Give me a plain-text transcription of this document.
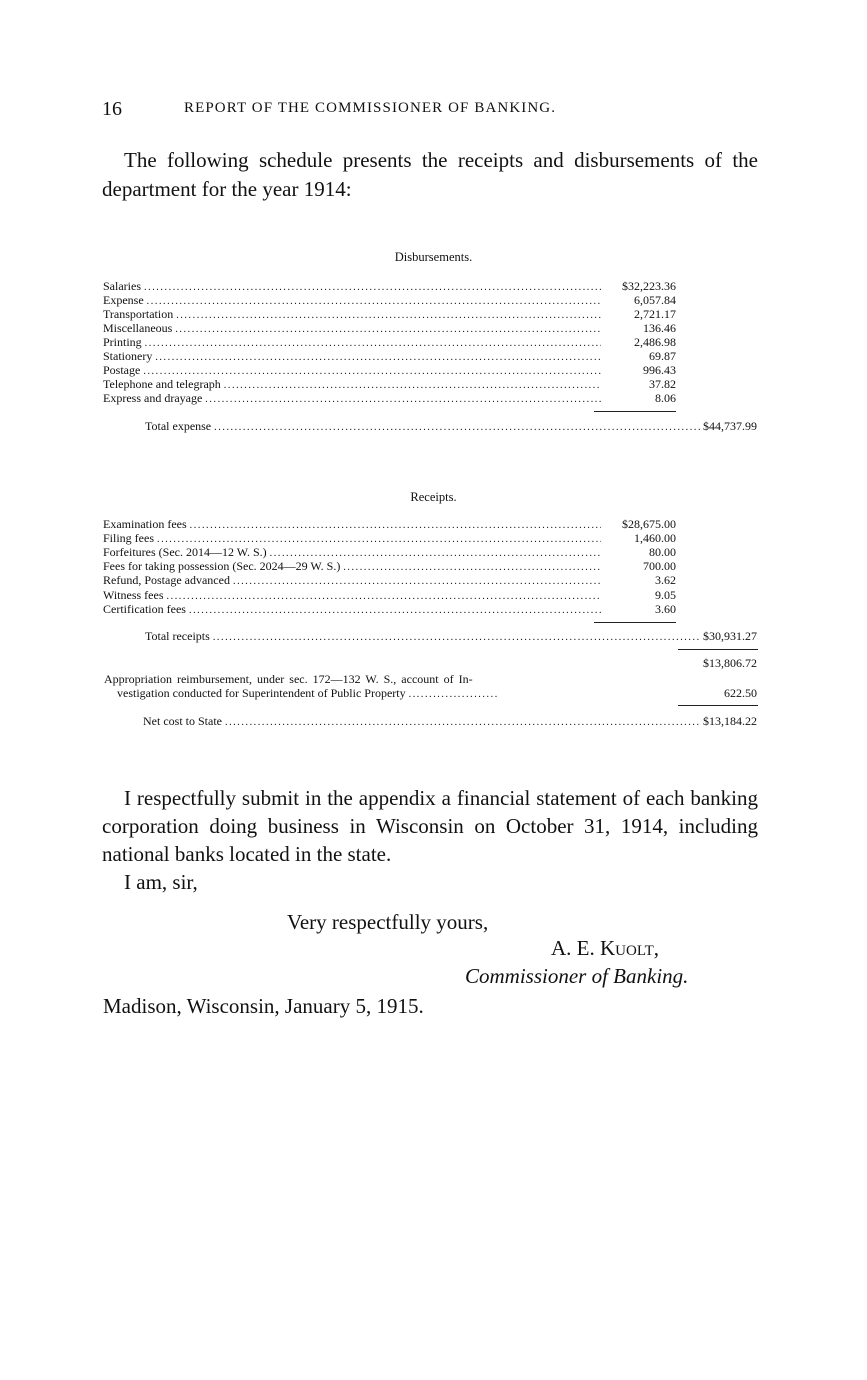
16	REPORT OF THE COMMISSIONER OF BANKING.

The following schedule presents the receipts and disbursements of the department for the year 1914:

Disbursements.
Salaries .....	$32,223.36
Expense .....	6,057.84
Transportation .....	2,721.17
Miscellaneous .....	136.46
Printing .....	2,486.98
Stationery .....	69.87
Postage .....	996.43
Telephone and telegraph .....	37.82
Express and drayage .....	8.06
Total expense .....	$44,737.99
Receipts.
Examination fees .....	$28,675.00
Filing fees .....	1,460.00
Forfeitures (Sec. 2014—12 W. S.) .....	80.00
Fees for taking possession (Sec. 2024—29 W. S.) .....	700.00
Refund, Postage advanced .....	3.62
Witness fees .....	9.05
Certification fees .....	3.60
Total receipts .....	$30,931.27
$13,806.72
Appropriation reimbursement, under sec. 172—132 W. S., account of In-
vestigation conducted for Superintendent of Public Property .....	622.50
Net cost to State .....	$13,184.22

I respectfully submit in the appendix a financial statement of each banking corporation doing business in Wisconsin on October 31, 1914, including national banks located in the state.

I am, sir,
Very respectfully yours,
A. E. Kuolt,
Commissioner of Banking.
Madison, Wisconsin, January 5, 1915.
